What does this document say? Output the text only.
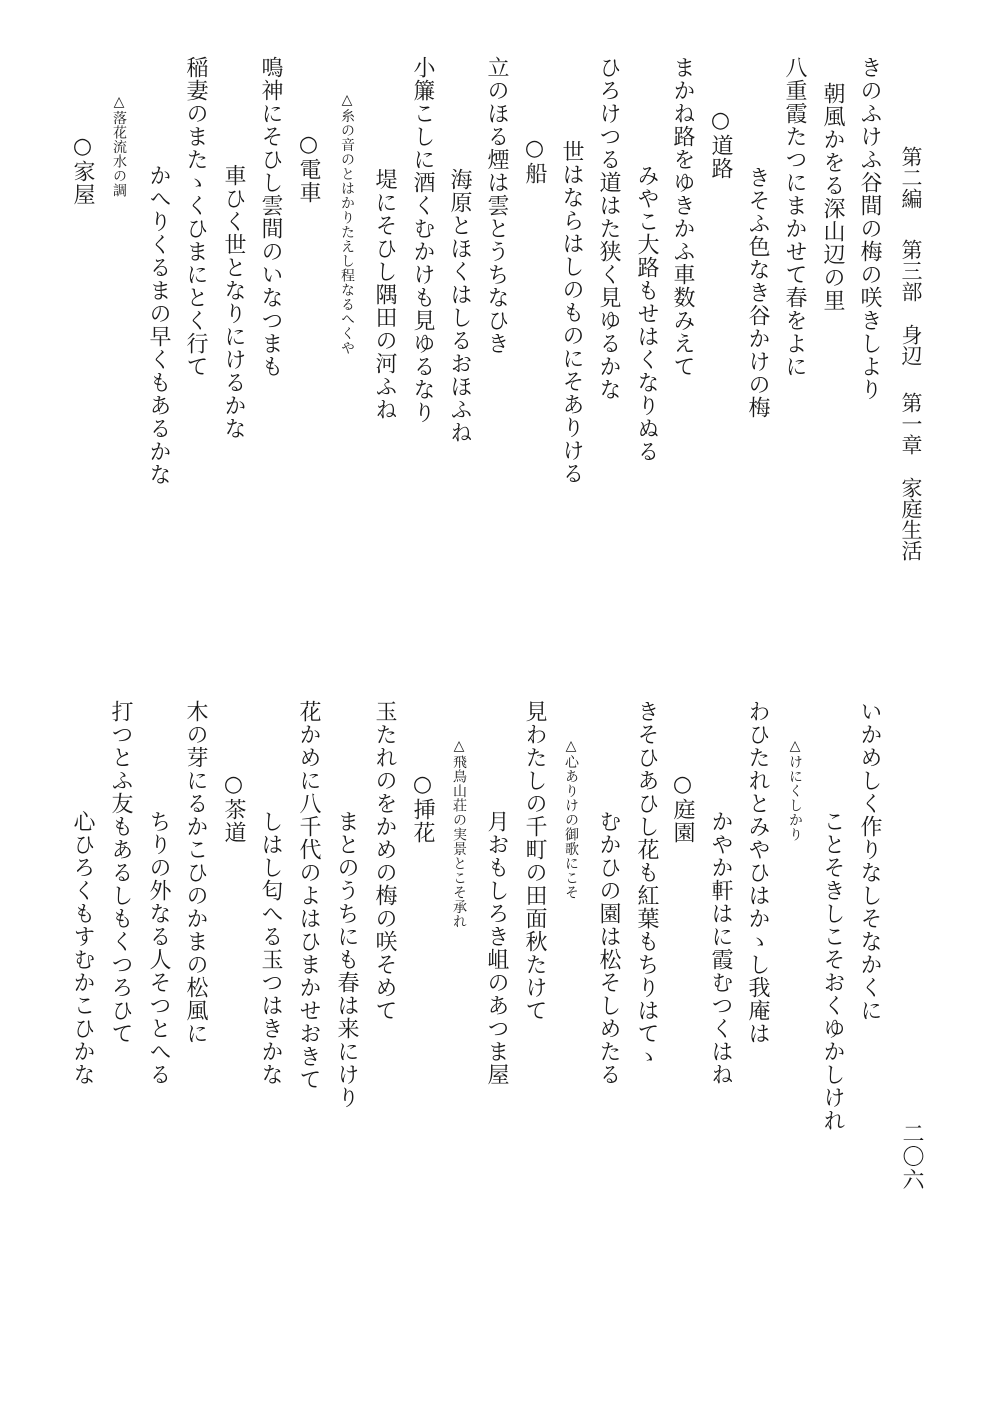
第二編第三部身辺第一章家庭生活
二〇六
きのふけふ谷間の梅の咲きしより
朝風かをる深山辺の里
八重霞たつにまかせて春をよに
きそふ色なき谷かけの梅
○道路
まかね路をゆきかふ車数みえて
みやこ大路もせはくなりぬる
ひろけつる道はた狭く見ゆるかな
世はならはしのものにそありける
○船
立のほる煙は雲とうちなひき
海原とほくはしるおほふね
小簾こしに酒くむかけも見ゆるなり
堤にそひし隅田の河ふね
△糸の音のとはかりたえし程なるへくや
○電車
鳴神にそひし雲間のいなつまも
車ひく世となりにけるかな
稲妻のまたゝくひまにとく行て
かへりくるまの早くもあるかな
△落花流水の調
○家屋
いかめしく作りなしそなかくに
ことそきしこそおくゆかしけれ
△けにくしかり
わひたれとみやひはかゝし我庵は
かやか軒はに霞むつくはね
○庭園
きそひあひし花も紅葉もちりはてゝ
むかひの園は松そしめたる
△心ありけの御歌にこそ
見わたしの千町の田面秋たけて
月おもしろき岨のあつま屋
△飛鳥山荘の実景とこそ承れ
○挿花
玉たれのをかめの梅の咲そめて
まとのうちにも春は来にけり
花かめに八千代のよはひまかせおきて
しはし匂へる玉つはきかな
○茶道
木の芽にるかこひのかまの松風に
ちりの外なる人そつとへる
打つとふ友もあるしもくつろひて
心ひろくもすむかこひかな
